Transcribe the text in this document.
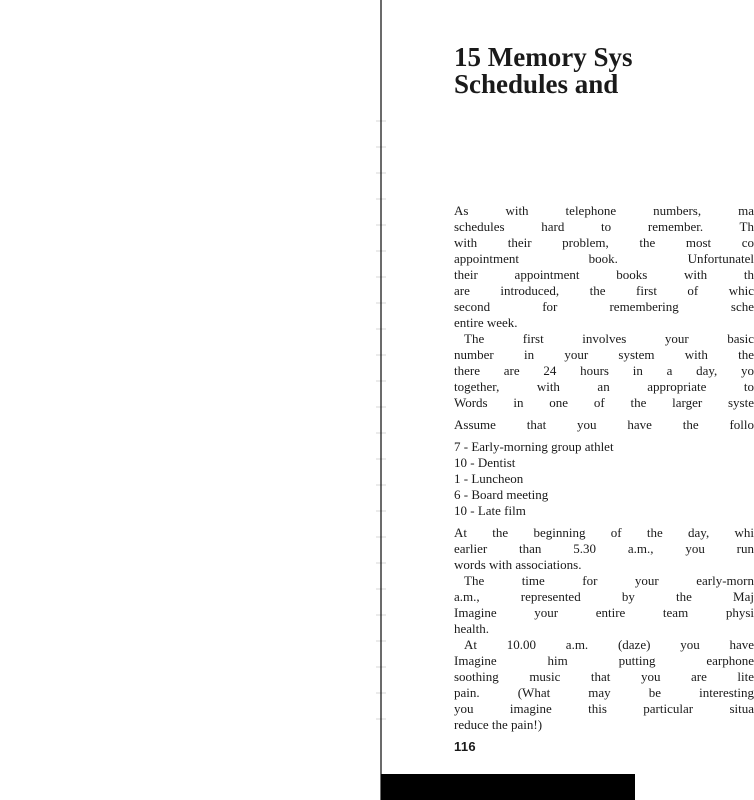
15 Memory Sys
Schedules and
As with telephone numbers, ma
schedules hard to remember. Th
with their problem, the most co
appointment book. Unfortunatel
their appointment books with th
are introduced, the first of whic
second for remembering sche
entire week.
The first involves your basic
number in your system with the
there are 24 hours in a day, yo
together, with an appropriate to
Words in one of the larger syste
Assume that you have the follo
7 - Early-morning group athlet
10 - Dentist
1 - Luncheon
6 - Board meeting
10 - Late film
At the beginning of the day, whi
earlier than 5.30 a.m., you run
words with associations.
The time for your early-morn
a.m., represented by the Maj
Imagine your entire team physi
health.
At 10.00 a.m. (daze) you have
Imagine him putting earphone
soothing music that you are lite
pain. (What may be interesting
you imagine this particular situa
reduce the pain!)
116
